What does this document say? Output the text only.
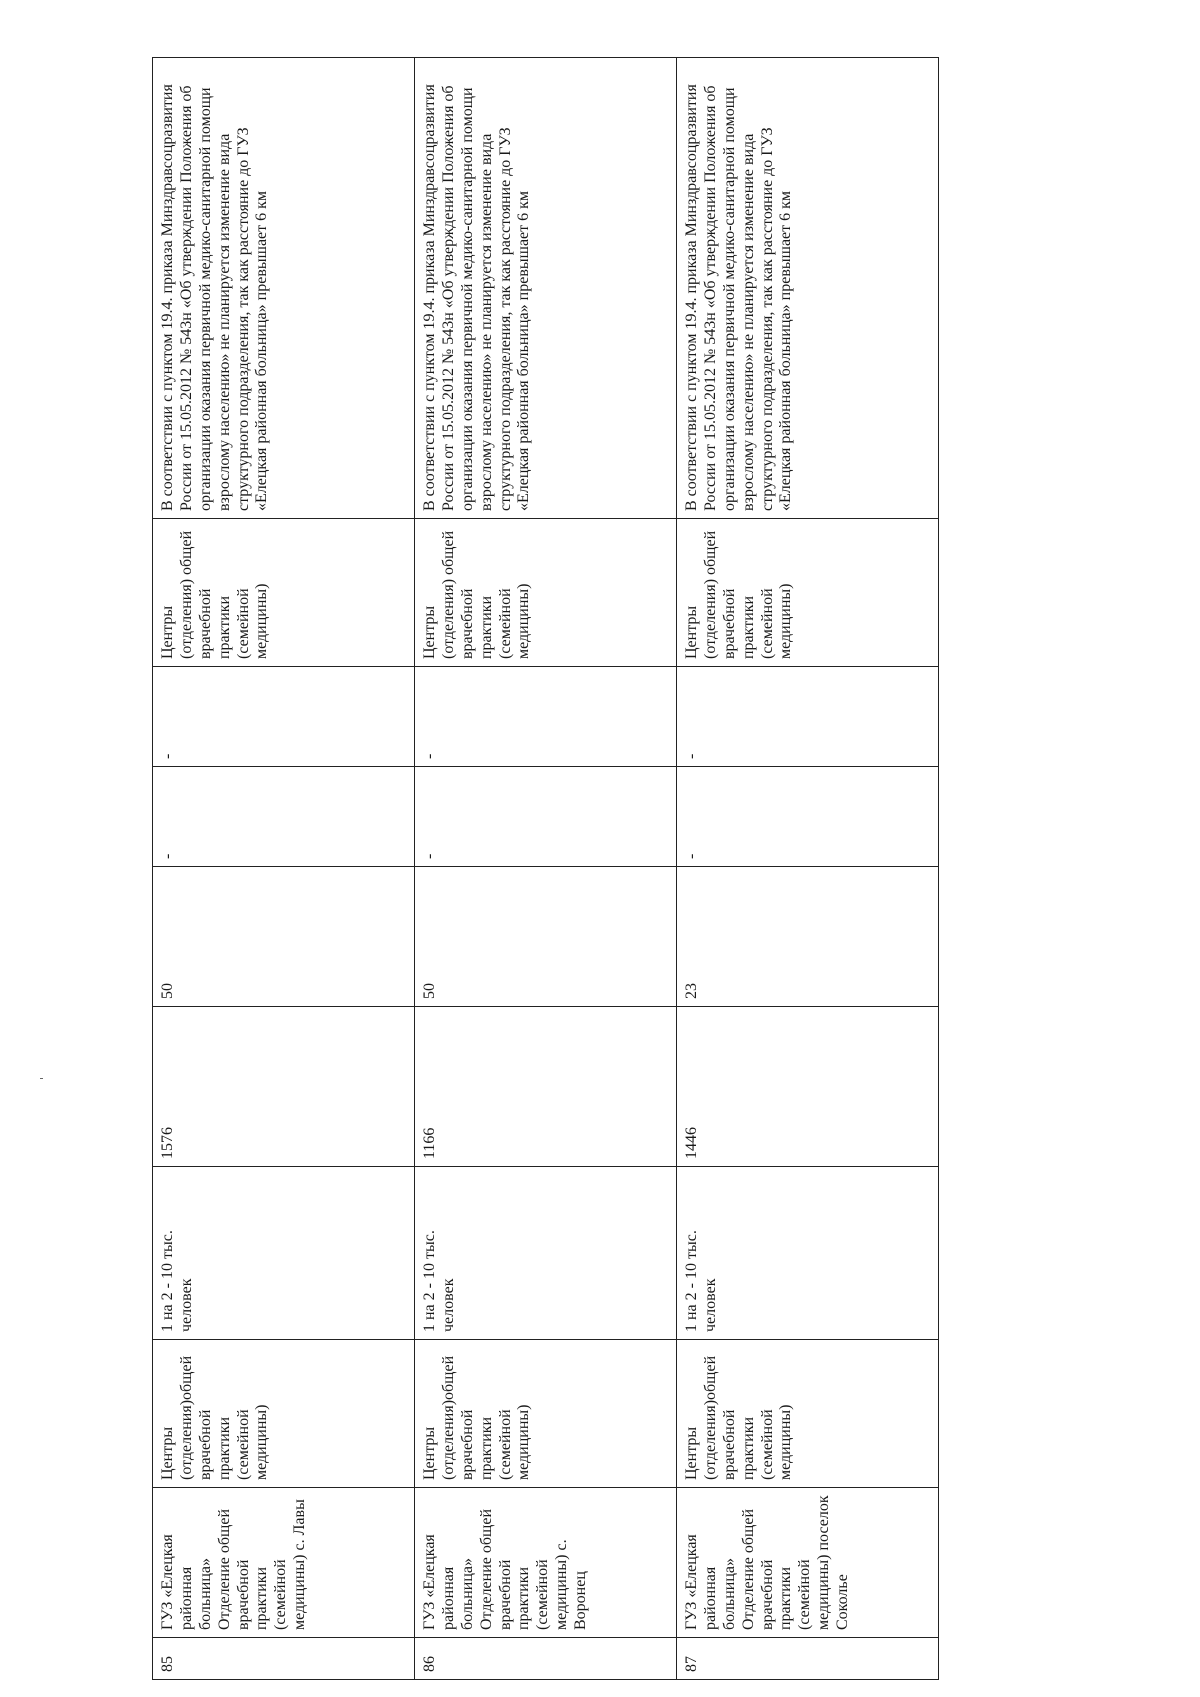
85	ГУЗ «Елецкая районная больница» Отделение общей врачебной практики (семейной медицины) с. Лавы	Центры (отделения)общей врачебной практики (семейной медицины)	1 на 2 - 10 тыс. человек	1576	50	-	-	Центры (отделения) общей врачебной практики (семейной медицины)	В соответствии с пунктом 19.4. приказа Минздравсоцразвития России от 15.05.2012 № 543н «Об утверждении Положения об организации оказания первичной медико-санитарной помощи взрослому населению» не планируется изменение вида структурного подразделения, так как расстояние до ГУЗ «Елецкая районная больница» превышает 6 км
86	ГУЗ «Елецкая районная больница» Отделение общей врачебной практики (семейной медицины) с. Воронец	Центры (отделения)общей врачебной практики (семейной медицины)	1 на 2 - 10 тыс. человек	1166	50	-	-	Центры (отделения) общей врачебной практики (семейной медицины)	В соответствии с пунктом 19.4. приказа Минздравсоцразвития России от 15.05.2012 № 543н «Об утверждении Положения об организации оказания первичной медико-санитарной помощи взрослому населению» не планируется изменение вида структурного подразделения, так как расстояние до ГУЗ «Елецкая районная больница» превышает 6 км
87	ГУЗ «Елецкая районная больница» Отделение общей врачебной практики (семейной медицины) поселок Соколье	Центры (отделения)общей врачебной практики (семейной медицины)	1 на 2 - 10 тыс. человек	1446	23	-	-	Центры (отделения) общей врачебной практики (семейной медицины)	В соответствии с пунктом 19.4. приказа Минздравсоцразвития России от 15.05.2012 № 543н «Об утверждении Положения об организации оказания первичной медико-санитарной помощи взрослому населению» не планируется изменение вида структурного подразделения, так как расстояние до ГУЗ «Елецкая районная больница» превышает 6 км
